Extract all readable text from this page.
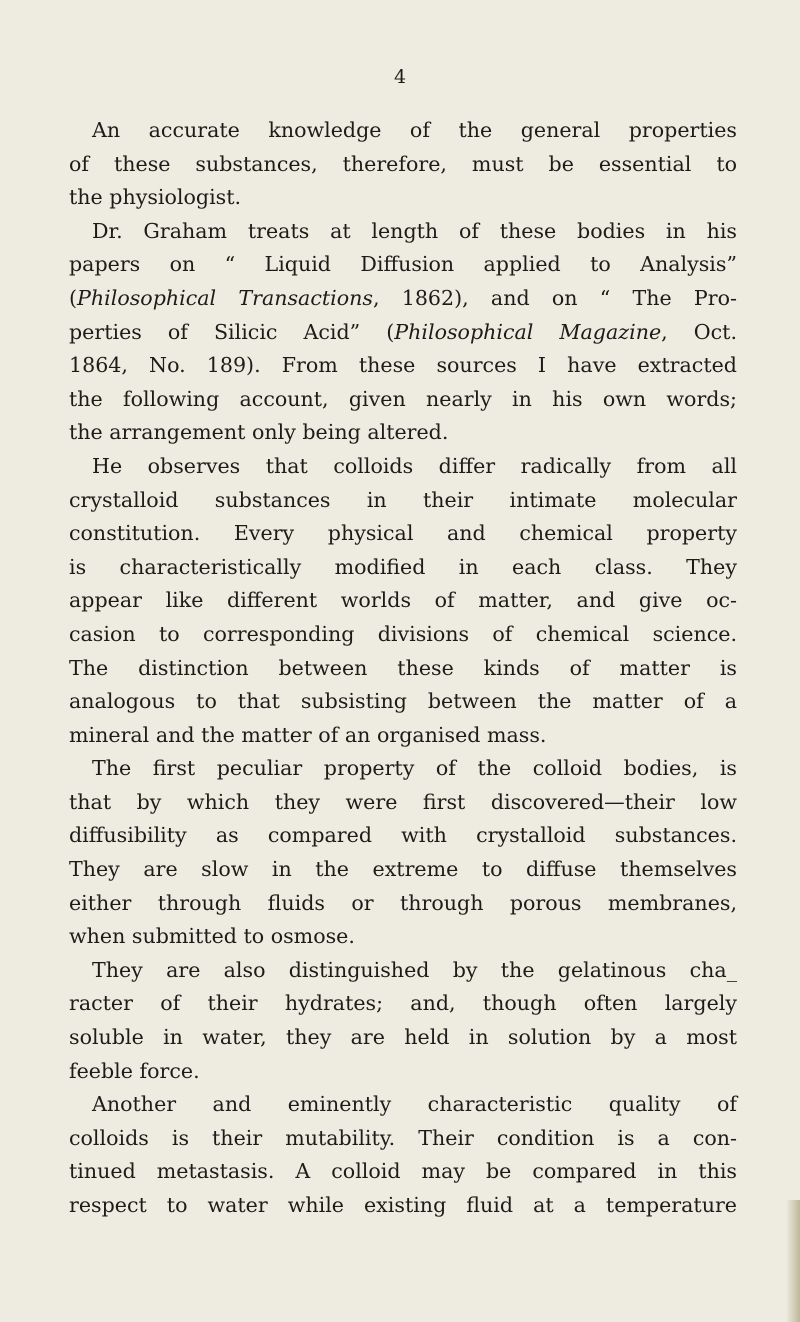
4
An accurate knowledge of the general properties
of these substances, therefore, must be essential to
the physiologist.
Dr. Graham treats at length of these bodies in his
papers on “ Liquid Diffusion applied to Analysis”
(Philosophical Transactions, 1862), and on “ The Pro-
perties of Silicic Acid” (Philosophical Magazine, Oct.
1864, No. 189). From these sources I have extracted
the following account, given nearly in his own words;
the arrangement only being altered.
He observes that colloids differ radically from all
crystalloid substances in their intimate molecular
constitution. Every physical and chemical property
is characteristically modified in each class. They
appear like different worlds of matter, and give oc-
casion to corresponding divisions of chemical science.
The distinction between these kinds of matter is
analogous to that subsisting between the matter of a
mineral and the matter of an organised mass.
The first peculiar property of the colloid bodies, is
that by which they were first discovered—their low
diffusibility as compared with crystalloid substances.
They are slow in the extreme to diffuse themselves
either through fluids or through porous membranes,
when submitted to osmose.
They are also distinguished by the gelatinous cha_
racter of their hydrates; and, though often largely
soluble in water, they are held in solution by a most
feeble force.
Another and eminently characteristic quality of
colloids is their mutability. Their condition is a con-
tinued metastasis. A colloid may be compared in this
respect to water while existing fluid at a temperature
